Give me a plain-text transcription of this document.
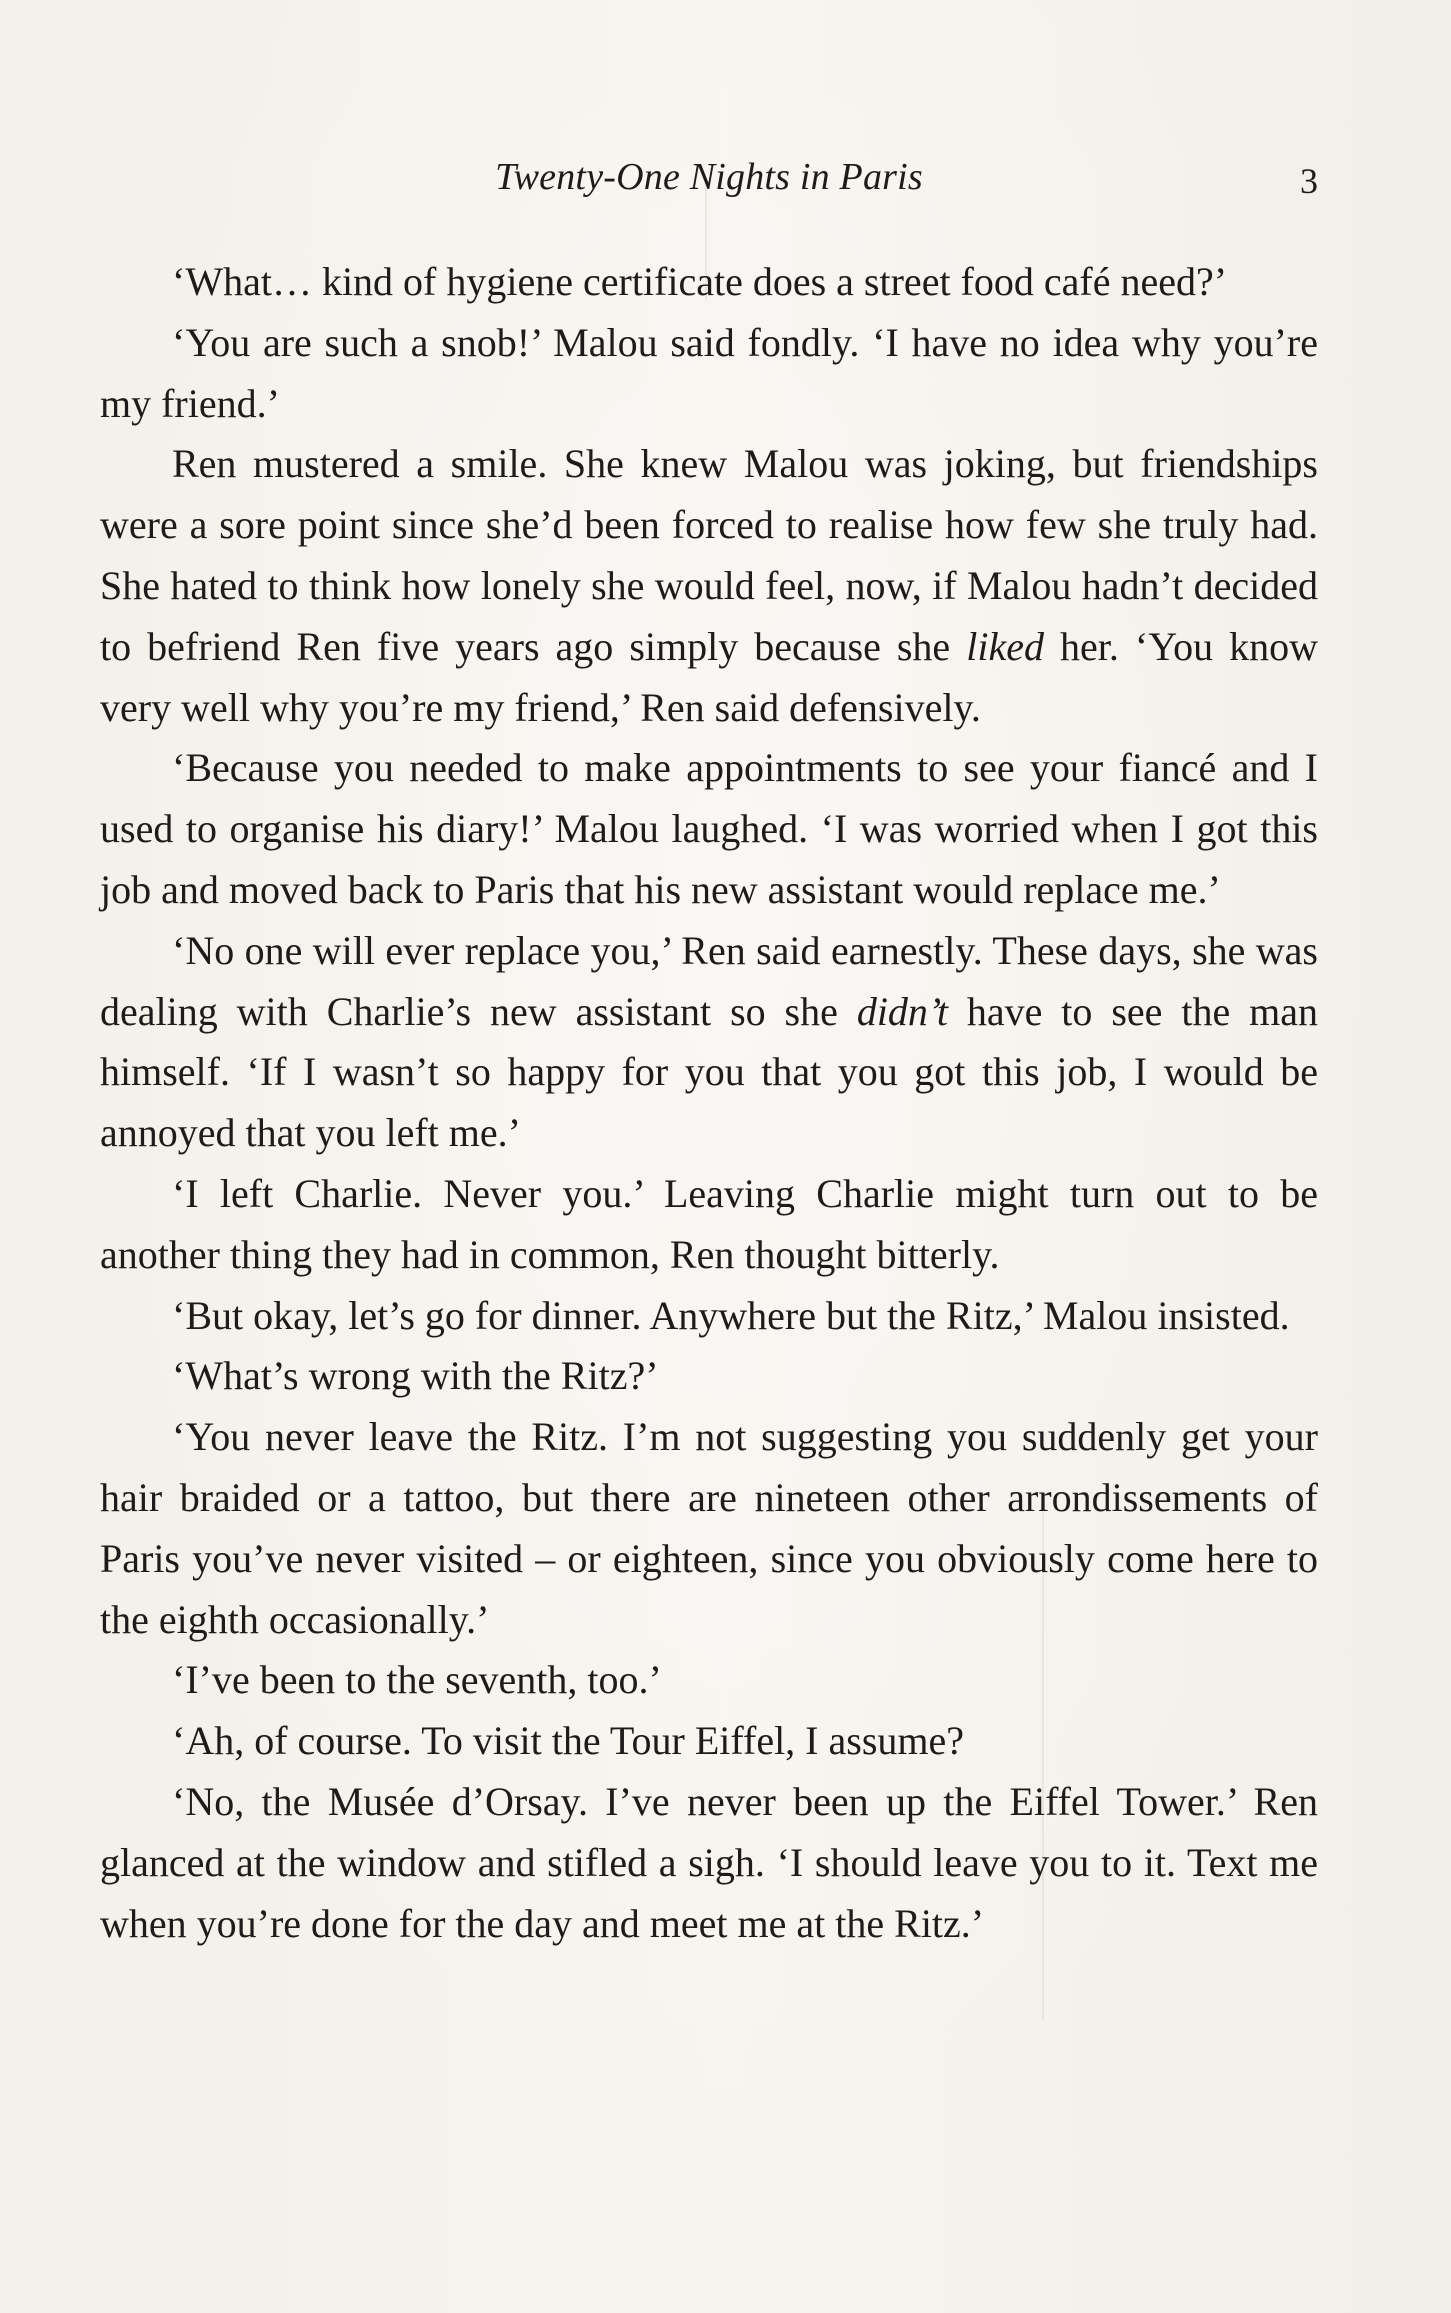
Twenty-One Nights in Paris	3

‘What… kind of hygiene certificate does a street food café need?’

‘You are such a snob!’ Malou said fondly. ‘I have no idea why you’re my friend.’

Ren mustered a smile. She knew Malou was joking, but friendships were a sore point since she’d been forced to realise how few she truly had. She hated to think how lonely she would feel, now, if Malou hadn’t decided to befriend Ren five years ago simply because she liked her. ‘You know very well why you’re my friend,’ Ren said defensively.

‘Because you needed to make appointments to see your fiancé and I used to organise his diary!’ Malou laughed. ‘I was worried when I got this job and moved back to Paris that his new assistant would replace me.’

‘No one will ever replace you,’ Ren said earnestly. These days, she was dealing with Charlie’s new assistant so she didn’t have to see the man himself. ‘If I wasn’t so happy for you that you got this job, I would be annoyed that you left me.’

‘I left Charlie. Never you.’ Leaving Charlie might turn out to be another thing they had in common, Ren thought bitterly.

‘But okay, let’s go for dinner. Anywhere but the Ritz,’ Malou insisted.

‘What’s wrong with the Ritz?’

‘You never leave the Ritz. I’m not suggesting you suddenly get your hair braided or a tattoo, but there are nineteen other arrondissements of Paris you’ve never visited – or eighteen, since you obviously come here to the eighth occasionally.’

‘I’ve been to the seventh, too.’

‘Ah, of course. To visit the Tour Eiffel, I assume?

‘No, the Musée d’Orsay. I’ve never been up the Eiffel Tower.’ Ren glanced at the window and stifled a sigh. ‘I should leave you to it. Text me when you’re done for the day and meet me at the Ritz.’
